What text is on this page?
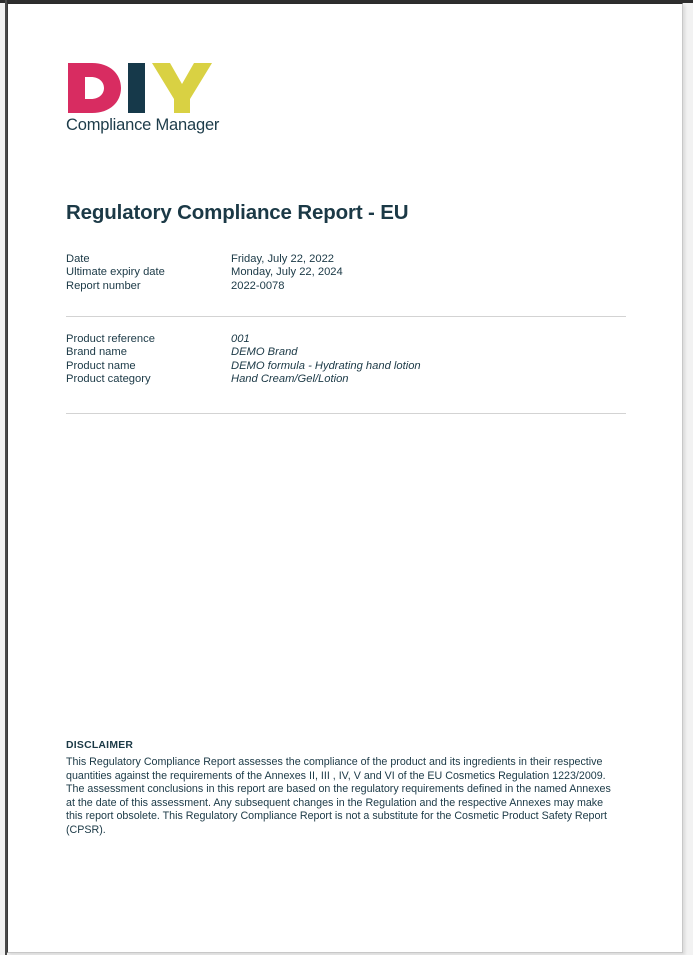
Compliance Manager
Regulatory Compliance Report - EU
Date	Friday, July 22, 2022
Ultimate expiry date	Monday, July 22, 2024
Report number	2022-0078
Product reference	001
Brand name	DEMO Brand
Product name	DEMO formula - Hydrating hand lotion
Product category	Hand Cream/Gel/Lotion
DISCLAIMER
This Regulatory Compliance Report assesses the compliance of the product and its ingredients in their respective quantities against the requirements of the Annexes II, III , IV, V and VI of the EU Cosmetics Regulation 1223/2009. The assessment conclusions in this report are based on the regulatory requirements defined in the named Annexes at the date of this assessment. Any subsequent changes in the Regulation and the respective Annexes may make this report obsolete. This Regulatory Compliance Report is not a substitute for the Cosmetic Product Safety Report (CPSR).
